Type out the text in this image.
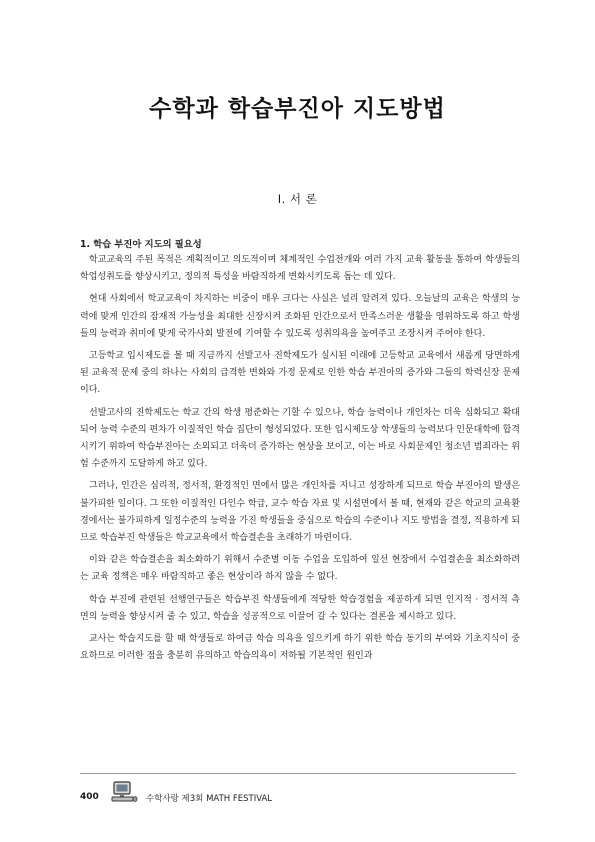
수학과 학습부진아 지도방법
I. 서 론
1. 학습 부진아 지도의 필요성

학교교육의 주된 목적은 계획적이고 의도적이며 체계적인 수업전개와 여러 가지 교육 활동을 통하여 학생들의 학업성취도를 향상시키고, 정의적 특성을 바람직하게 변화시키도록 돕는 데 있다.

현대 사회에서 학교교육이 차지하는 비중이 매우 크다는 사실은 널리 알려져 있다. 오늘날의 교육은 학생의 능력에 맞게 인간의 잠재적 가능성을 최대한 신장시켜 조화된 인간으로서 만족스러운 생활을 영위하도록 하고 학생들의 능력과 취미에 맞게 국가사회 발전에 기여할 수 있도록 성취의욕을 높여주고 조장시켜 주어야 한다.

고등학교 입시제도를 볼 때 지금까지 선발고사 진학제도가 실시된 이래에 고등학교 교육에서 새롭게 당면하게 된 교육적 문제 중의 하나는 사회의 급격한 변화와 가정 문제로 인한 학습 부진아의 증가와 그들의 학력신장 문제이다.

선발고사의 진학제도는 학교 간의 학생 평준화는 기할 수 있으나, 학습 능력이나 개인차는 더욱 심화되고 확대되어 능력 수준의 편차가 이질적인 학습 집단이 형성되었다. 또한 입시제도상 학생들의 능력보다 인문대학에 합격시키기 위하여 학습부진아는 소외되고 더욱더 증가하는 현상을 보이고, 이는 바로 사회문제인 청소년 범죄라는 위험 수준까지 도달하게 하고 있다.

그러나, 인간은 심리적, 정서적, 환경적인 면에서 많은 개인차를 지니고 성장하게 되므로 학습 부진아의 발생은 불가피한 일이다. 그 또한 이질적인 다인수 학급, 교수 학습 자료 및 시설면에서 볼 때, 현재와 같은 학교의 교육환경에서는 불가피하게 일정수준의 능력을 가진 학생들을 중심으로 학습의 수준이나 지도 방법을 결정, 적용하게 되므로 학습부진 학생들은 학교교육에서 학습결손을 초래하기 마련이다.

이와 같은 학습결손을 최소화하기 위해서 수준별 이동 수업을 도입하여 일선 현장에서 수업결손을 최소화하려는 교육 정책은 매우 바람직하고 좋은 현상이라 하지 않을 수 없다.

학습 부진에 관련된 선행연구들은 학습부진 학생들에게 적당한 학습경험을 제공하게 되면 인지적 · 정서적 측면의 능력을 향상시켜 줄 수 있고, 학습을 성공적으로 이끌어 갈 수 있다는 결론을 제시하고 있다.

교사는 학습지도를 할 때 학생들로 하여금 학습 의욕을 일으키게 하기 위한 학습 동기의 부여와 기초지식이 중요하므로 이러한 점을 충분히 유의하고 학습의욕이 저하될 기본적인 원인과

400	수학사랑 제3회 MATH FESTIVAL
